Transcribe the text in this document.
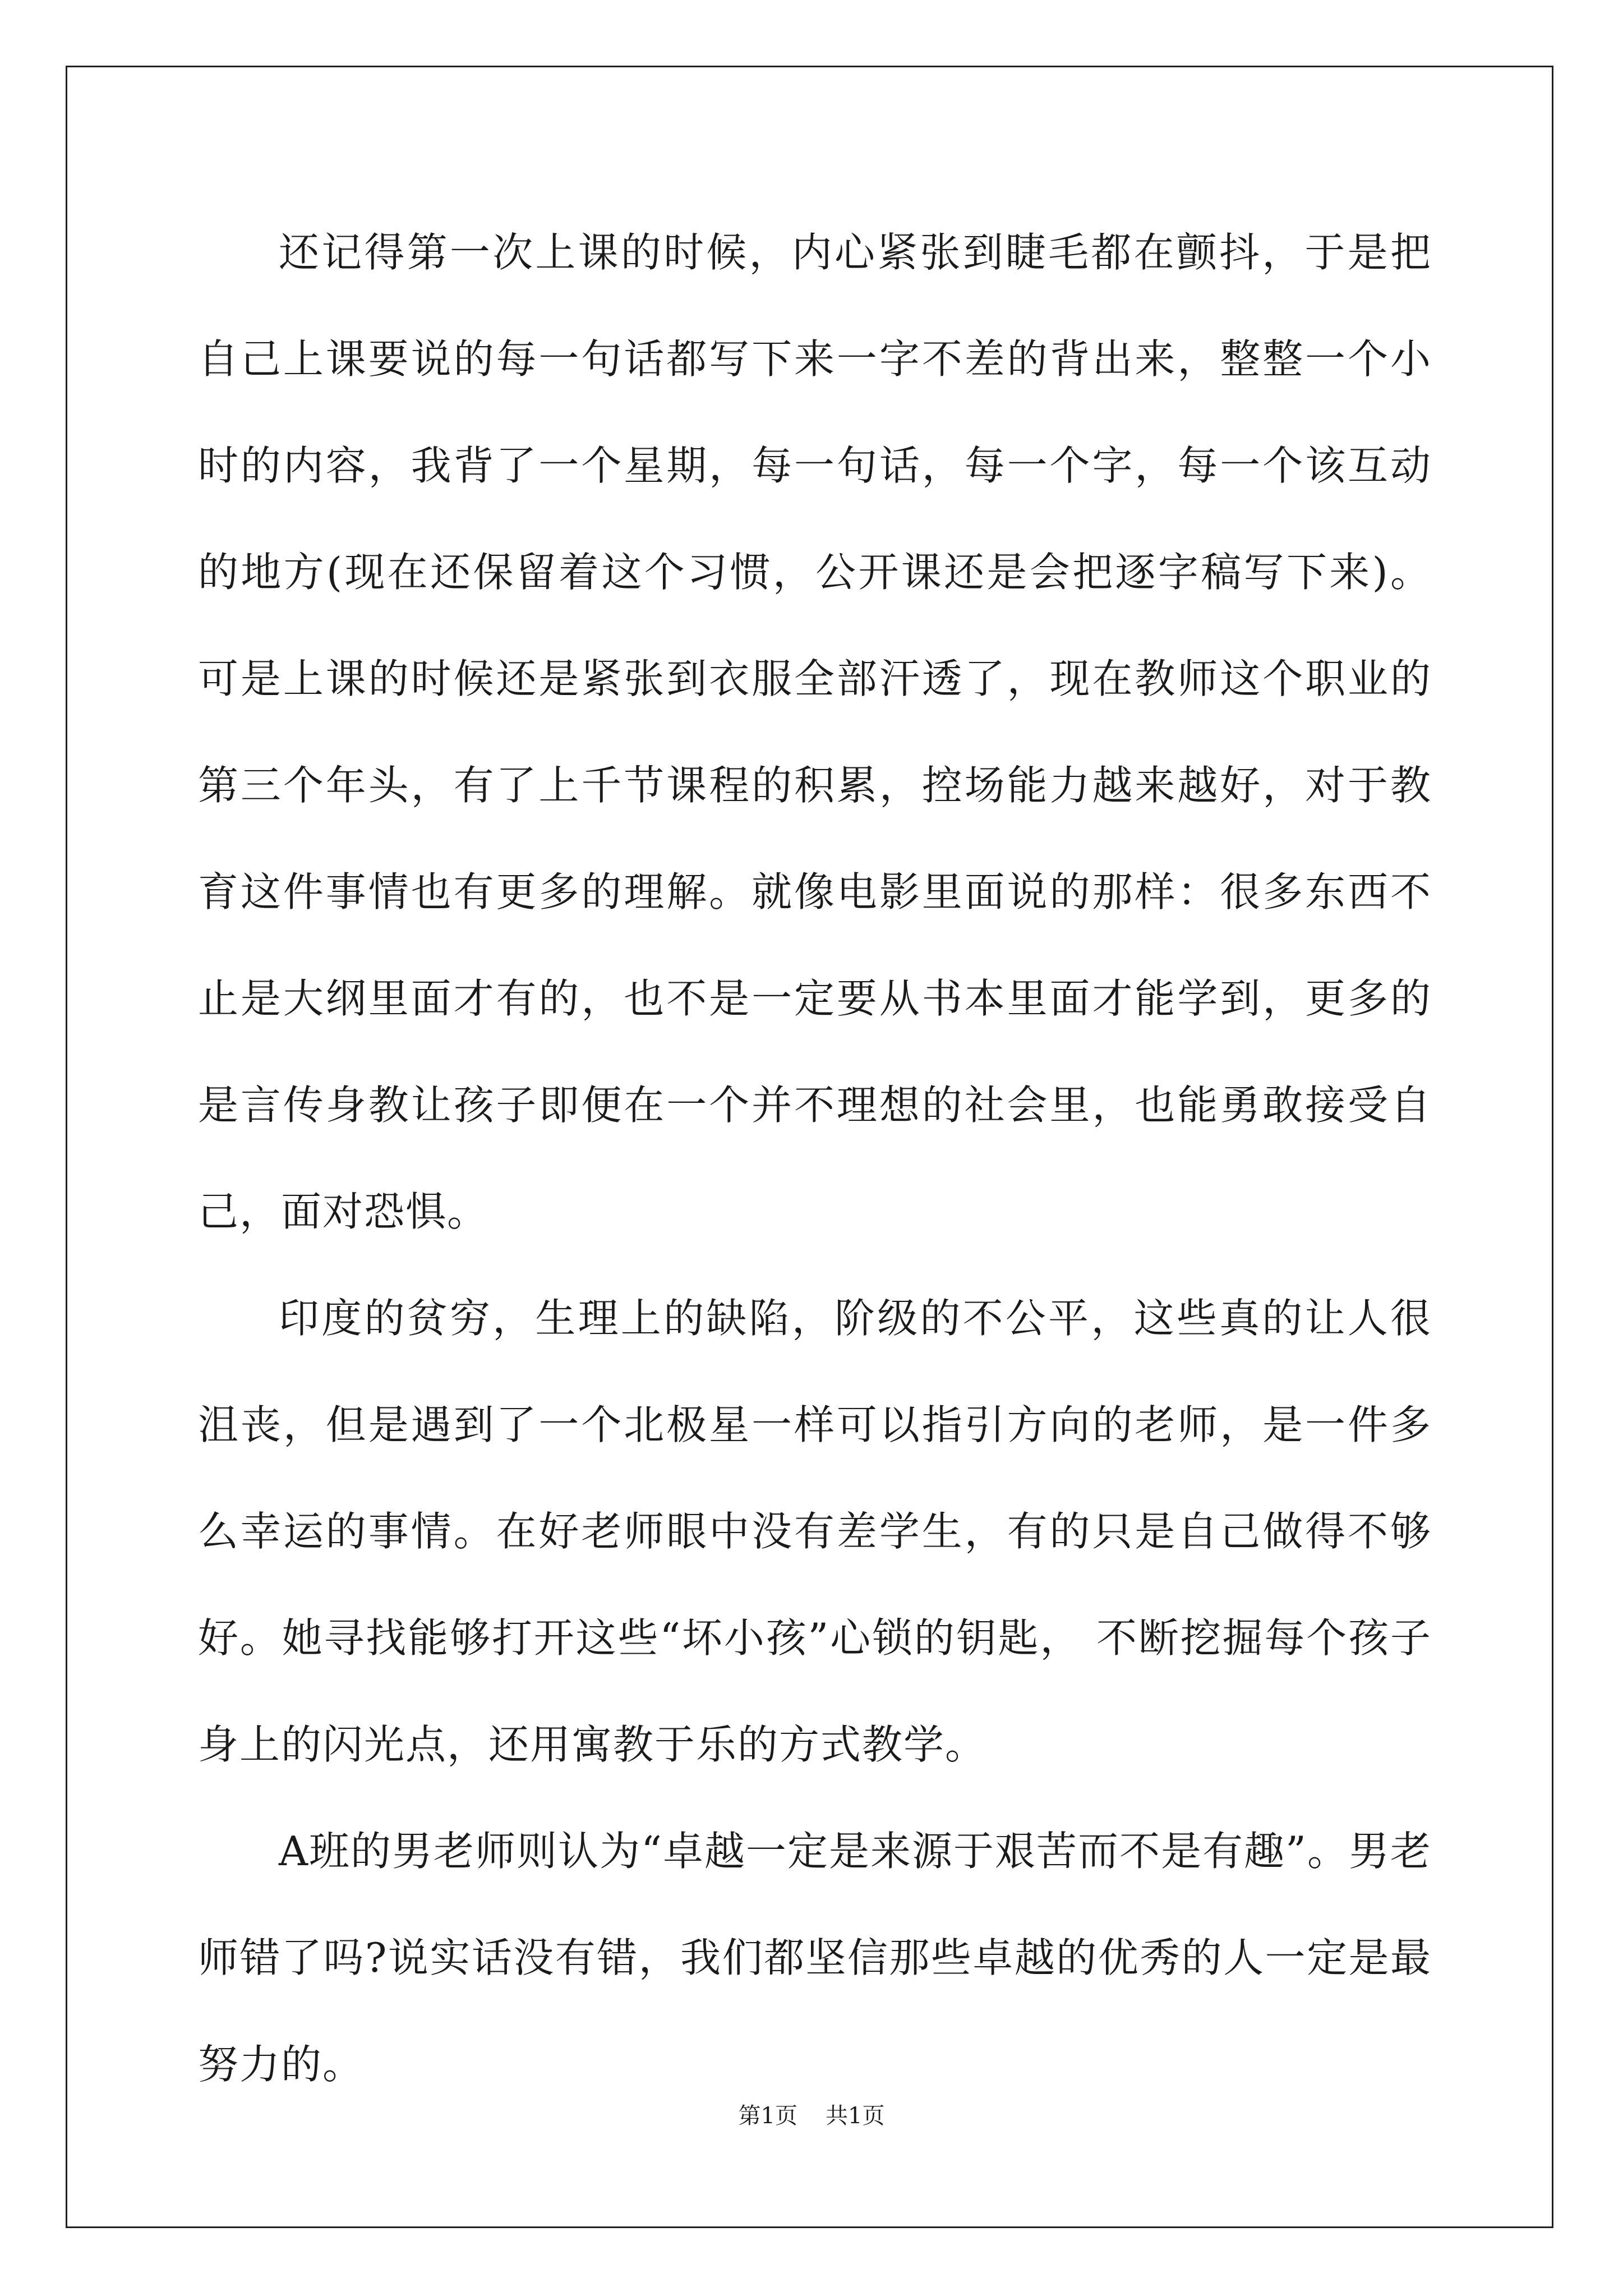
还记得第一次上课的时候，内心紧张到睫毛都在颤抖，于是把自己上课要说的每一句话都写下来一字不差的背出来，整整一个小时的内容，我背了一个星期，每一句话，每一个字，每一个该互动的地方(现在还保留着这个习惯，公开课还是会把逐字稿写下来)。可是上课的时候还是紧张到衣服全部汗透了，现在教师这个职业的第三个年头，有了上千节课程的积累，控场能力越来越好，对于教育这件事情也有更多的理解。就像电影里面说的那样：很多东西不止是大纲里面才有的，也不是一定要从书本里面才能学到，更多的是言传身教让孩子即便在一个并不理想的社会里，也能勇敢接受自己，面对恐惧。

印度的贫穷，生理上的缺陷，阶级的不公平，这些真的让人很沮丧，但是遇到了一个北极星一样可以指引方向的老师，是一件多么幸运的事情。在好老师眼中没有差学生，有的只是自己做得不够好。她寻找能够打开这些“坏小孩”心锁的钥匙， 不断挖掘每个孩子身上的闪光点，还用寓教于乐的方式教学。

A班的男老师则认为“卓越一定是来源于艰苦而不是有趣”。男老师错了吗?说实话没有错，我们都坚信那些卓越的优秀的人一定是最努力的。

第1页 共1页
